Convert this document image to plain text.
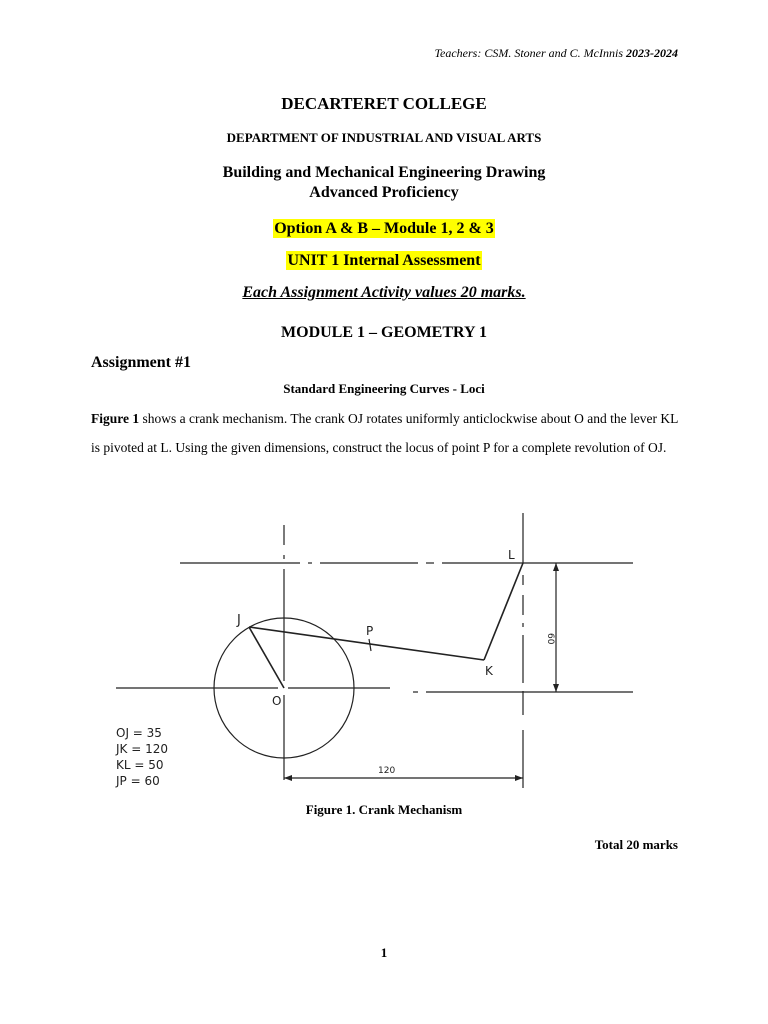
Teachers: CSM. Stoner and C. McInnis 2023-2024
DECARTERET COLLEGE
DEPARTMENT OF INDUSTRIAL AND VISUAL ARTS
Building and Mechanical Engineering Drawing
Advanced Proficiency
Option A & B – Module 1, 2 & 3
UNIT 1 Internal Assessment
Each Assignment Activity values 20 marks.
MODULE 1 – GEOMETRY 1
Assignment #1
Standard Engineering Curves - Loci
Figure 1 shows a crank mechanism. The crank OJ rotates uniformly anticlockwise about O and the lever KL is pivoted at L. Using the given dimensions, construct the locus of point P for a complete revolution of OJ.
J
O
P
K
L
120
60
OJ = 35
JK = 120
KL = 50
JP = 60
Figure 1. Crank Mechanism
Total 20 marks
1
